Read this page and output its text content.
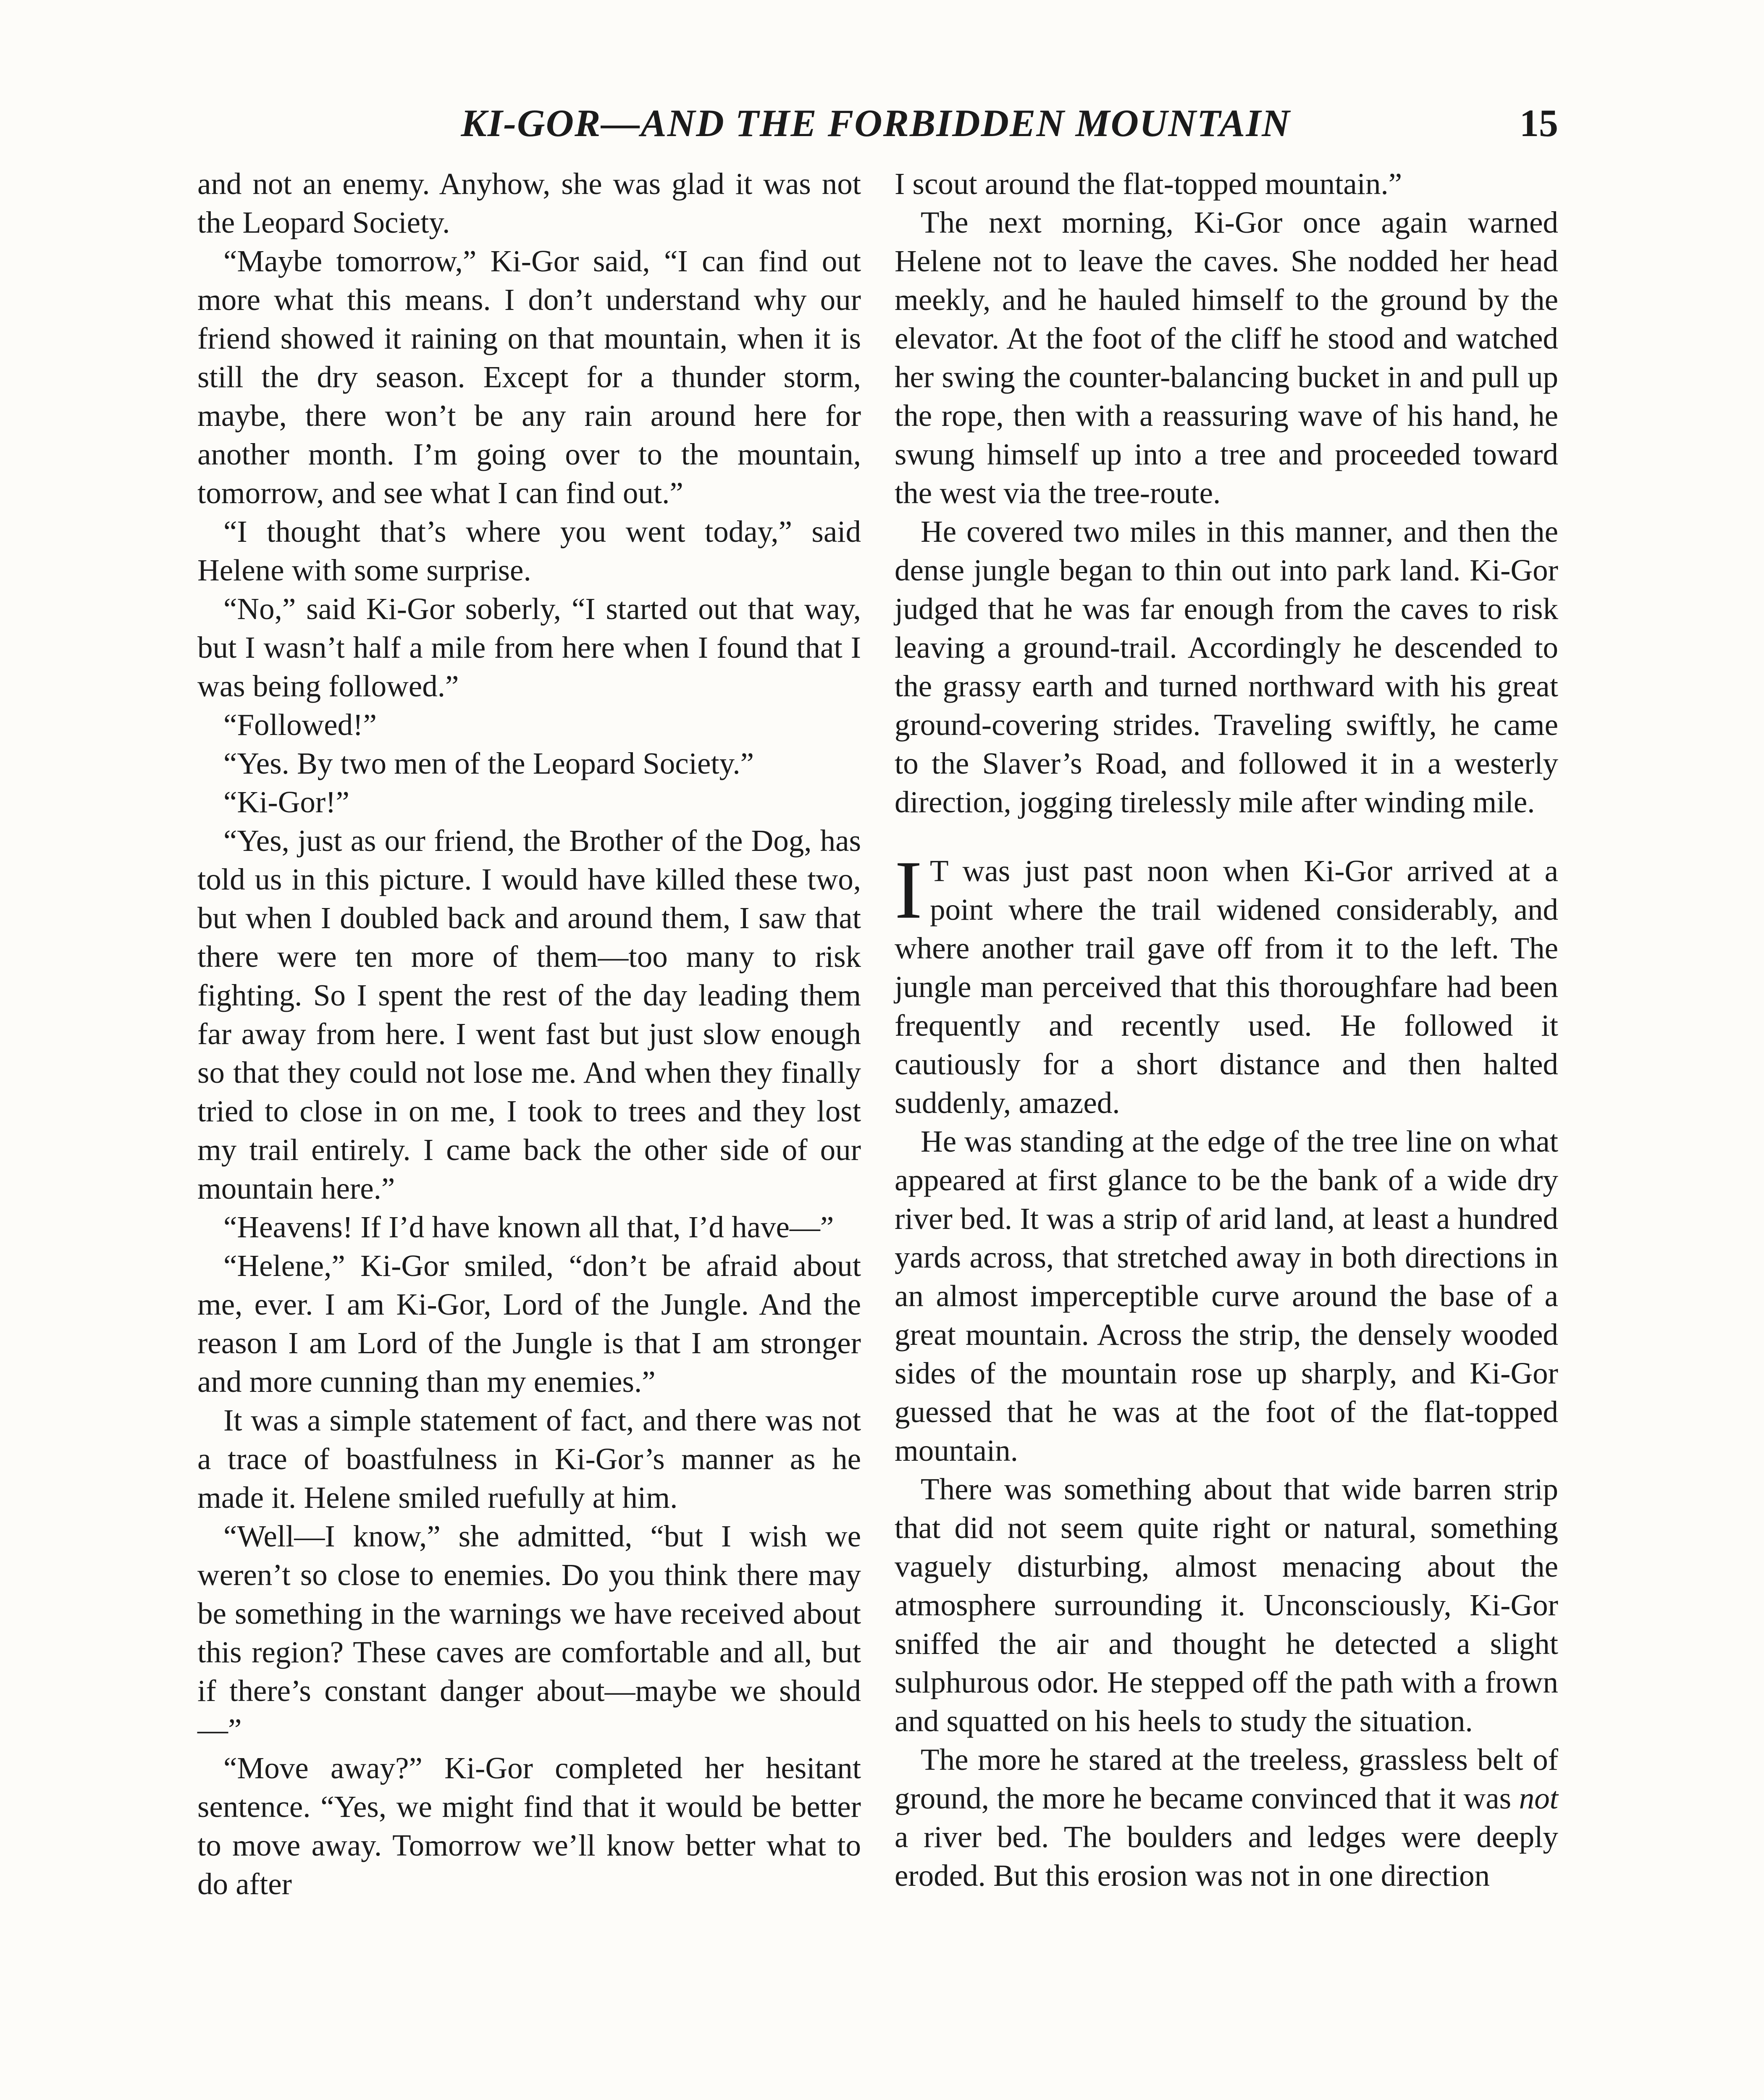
KI-GOR—AND THE FORBIDDEN MOUNTAIN	15

and not an enemy. Anyhow, she was glad it was not the Leopard Society.

“Maybe tomorrow,” Ki-Gor said, “I can find out more what this means. I don’t understand why our friend showed it raining on that mountain, when it is still the dry season. Except for a thunder storm, maybe, there won’t be any rain around here for another month. I’m going over to the mountain, tomorrow, and see what I can find out.”

“I thought that’s where you went today,” said Helene with some surprise.

“No,” said Ki-Gor soberly, “I started out that way, but I wasn’t half a mile from here when I found that I was being followed.”

“Followed!”

“Yes. By two men of the Leopard Society.”

“Ki-Gor!”

“Yes, just as our friend, the Brother of the Dog, has told us in this picture. I would have killed these two, but when I doubled back and around them, I saw that there were ten more of them—too many to risk fighting. So I spent the rest of the day leading them far away from here. I went fast but just slow enough so that they could not lose me. And when they finally tried to close in on me, I took to trees and they lost my trail entirely. I came back the other side of our mountain here.”

“Heavens! If I’d have known all that, I’d have—”

“Helene,” Ki-Gor smiled, “don’t be afraid about me, ever. I am Ki-Gor, Lord of the Jungle. And the reason I am Lord of the Jungle is that I am stronger and more cunning than my enemies.”

It was a simple statement of fact, and there was not a trace of boastfulness in Ki-Gor’s manner as he made it. Helene smiled ruefully at him.

“Well—I know,” she admitted, “but I wish we weren’t so close to enemies. Do you think there may be something in the warnings we have received about this region? These caves are comfortable and all, but if there’s constant danger about—maybe we should—”

“Move away?” Ki-Gor completed her hesitant sentence. “Yes, we might find that it would be better to move away. Tomorrow we’ll know better what to do after

I scout around the flat-topped mountain.”

The next morning, Ki-Gor once again warned Helene not to leave the caves. She nodded her head meekly, and he hauled himself to the ground by the elevator. At the foot of the cliff he stood and watched her swing the counter-balancing bucket in and pull up the rope, then with a reassuring wave of his hand, he swung himself up into a tree and proceeded toward the west via the tree-route.

He covered two miles in this manner, and then the dense jungle began to thin out into park land. Ki-Gor judged that he was far enough from the caves to risk leaving a ground-trail. Accordingly he descended to the grassy earth and turned northward with his great ground-covering strides. Traveling swiftly, he came to the Slaver’s Road, and followed it in a westerly direction, jogging tirelessly mile after winding mile.

I T was just past noon when Ki-Gor arrived at a point where the trail widened considerably, and where another trail gave off from it to the left. The jungle man perceived that this thoroughfare had been frequently and recently used. He followed it cautiously for a short distance and then halted suddenly, amazed.

He was standing at the edge of the tree line on what appeared at first glance to be the bank of a wide dry river bed. It was a strip of arid land, at least a hundred yards across, that stretched away in both directions in an almost imperceptible curve around the base of a great mountain. Across the strip, the densely wooded sides of the mountain rose up sharply, and Ki-Gor guessed that he was at the foot of the flat-topped mountain.

There was something about that wide barren strip that did not seem quite right or natural, something vaguely disturbing, almost menacing about the atmosphere surrounding it. Unconsciously, Ki-Gor sniffed the air and thought he detected a slight sulphurous odor. He stepped off the path with a frown and squatted on his heels to study the situation.

The more he stared at the treeless, grassless belt of ground, the more he became convinced that it was not a river bed. The boulders and ledges were deeply eroded. But this erosion was not in one direction
